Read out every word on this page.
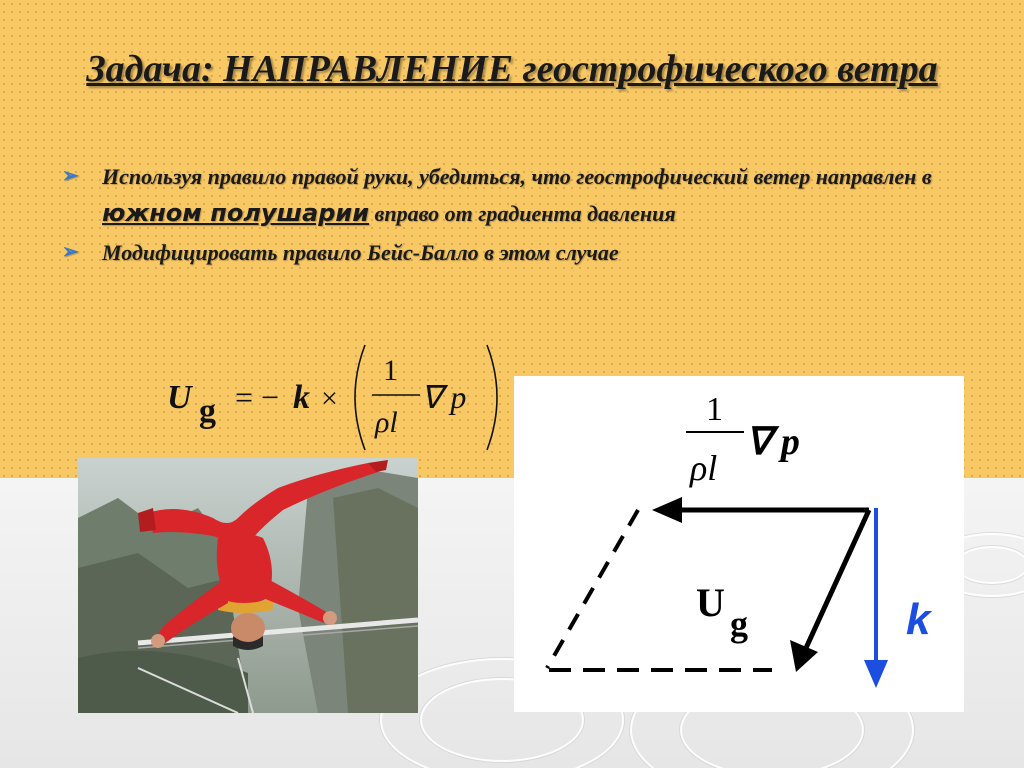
Задача: НАПРАВЛЕНИЕ геострофического ветра
➢ Используя правило правой руки, убедиться, что геострофический ветер направлен в южном полушарии вправо от градиента давления
➢ Модифицировать правило Бейс-Балло в этом случае
U g = − k ×
1
ρl
∇ p	1
ρl
∇ p
U g	k
